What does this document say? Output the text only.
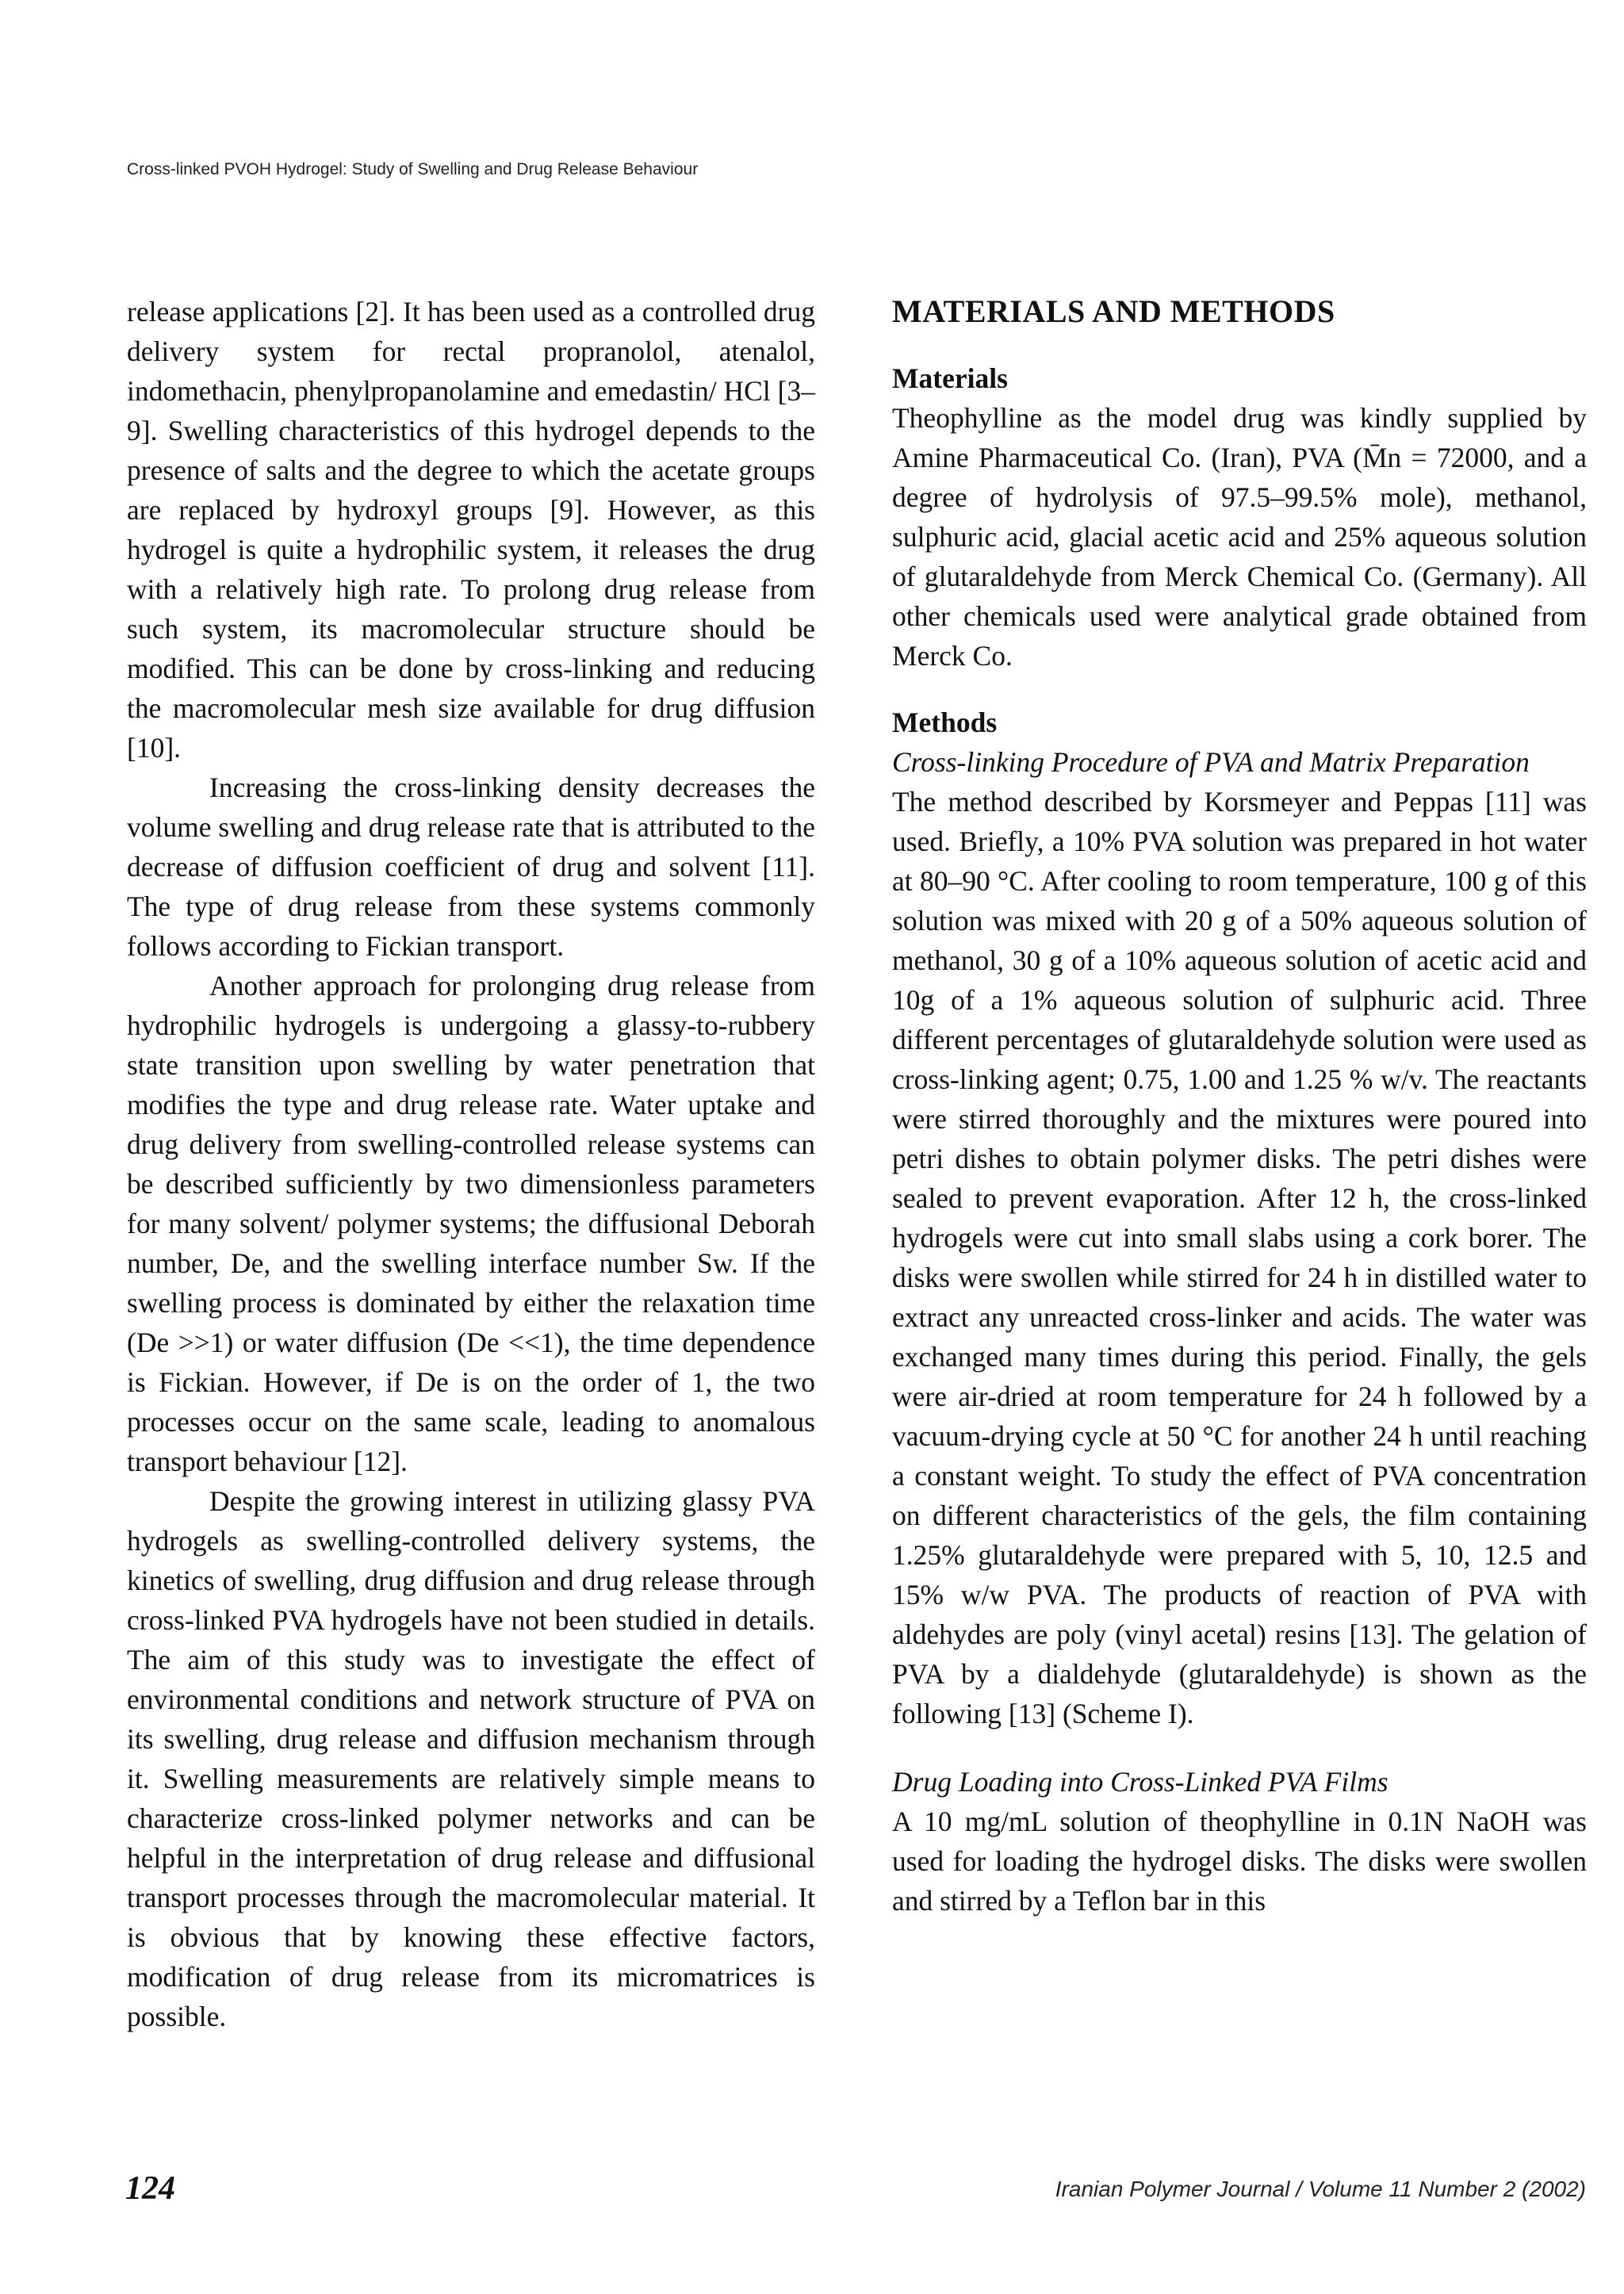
Cross-linked PVOH Hydrogel: Study of Swelling and Drug Release Behaviour

release applications [2]. It has been used as a controlled drug delivery system for rectal propranolol, atenalol, indomethacin, phenylpropanolamine and emedastin/ HCl [3–9]. Swelling characteristics of this hydrogel depends to the presence of salts and the degree to which the acetate groups are replaced by hydroxyl groups [9]. However, as this hydrogel is quite a hydrophilic system, it releases the drug with a relatively high rate. To prolong drug release from such system, its macromolecular structure should be modified. This can be done by cross-linking and reducing the macromolecular mesh size available for drug diffusion [10].

Increasing the cross-linking density decreases the volume swelling and drug release rate that is attributed to the decrease of diffusion coefficient of drug and solvent [11]. The type of drug release from these systems commonly follows according to Fickian transport.

Another approach for prolonging drug release from hydrophilic hydrogels is undergoing a glassy-to-rubbery state transition upon swelling by water penetration that modifies the type and drug release rate. Water uptake and drug delivery from swelling-controlled release systems can be described sufficiently by two dimensionless parameters for many solvent/ polymer systems; the diffusional Deborah number, De, and the swelling interface number Sw. If the swelling process is dominated by either the relaxation time (De >>1) or water diffusion (De <<1), the time dependence is Fickian. However, if De is on the order of 1, the two processes occur on the same scale, leading to anomalous transport behaviour [12].

Despite the growing interest in utilizing glassy PVA hydrogels as swelling-controlled delivery systems, the kinetics of swelling, drug diffusion and drug release through cross-linked PVA hydrogels have not been studied in details. The aim of this study was to investigate the effect of environmental conditions and network structure of PVA on its swelling, drug release and diffusion mechanism through it. Swelling measurements are relatively simple means to characterize cross-linked polymer networks and can be helpful in the interpretation of drug release and diffusional transport processes through the macromolecular material. It is obvious that by knowing these effective factors, modification of drug release from its micromatrices is possible.

MATERIALS AND METHODS
Materials

Theophylline as the model drug was kindly supplied by Amine Pharmaceutical Co. (Iran), PVA (M̄n = 72000, and a degree of hydrolysis of 97.5–99.5% mole), methanol, sulphuric acid, glacial acetic acid and 25% aqueous solution of glutaraldehyde from Merck Chemical Co. (Germany). All other chemicals used were analytical grade obtained from Merck Co.

Methods
Cross-linking Procedure of PVA and Matrix Preparation

The method described by Korsmeyer and Peppas [11] was used. Briefly, a 10% PVA solution was prepared in hot water at 80–90 °C. After cooling to room temperature, 100 g of this solution was mixed with 20 g of a 50% aqueous solution of methanol, 30 g of a 10% aqueous solution of acetic acid and 10g of a 1% aqueous solution of sulphuric acid. Three different percentages of glutaraldehyde solution were used as cross-linking agent; 0.75, 1.00 and 1.25 % w/v. The reactants were stirred thoroughly and the mixtures were poured into petri dishes to obtain polymer disks. The petri dishes were sealed to prevent evaporation. After 12 h, the cross-linked hydrogels were cut into small slabs using a cork borer. The disks were swollen while stirred for 24 h in distilled water to extract any unreacted cross-linker and acids. The water was exchanged many times during this period. Finally, the gels were air-dried at room temperature for 24 h followed by a vacuum-drying cycle at 50 °C for another 24 h until reaching a constant weight. To study the effect of PVA concentration on different characteristics of the gels, the film containing 1.25% glutaraldehyde were prepared with 5, 10, 12.5 and 15% w/w PVA. The products of reaction of PVA with aldehydes are poly (vinyl acetal) resins [13]. The gelation of PVA by a dialdehyde (glutaraldehyde) is shown as the following [13] (Scheme I).

Drug Loading into Cross-Linked PVA Films

A 10 mg/mL solution of theophylline in 0.1N NaOH was used for loading the hydrogel disks. The disks were swollen and stirred by a Teflon bar in this

124	Iranian Polymer Journal / Volume 11 Number 2 (2002)
